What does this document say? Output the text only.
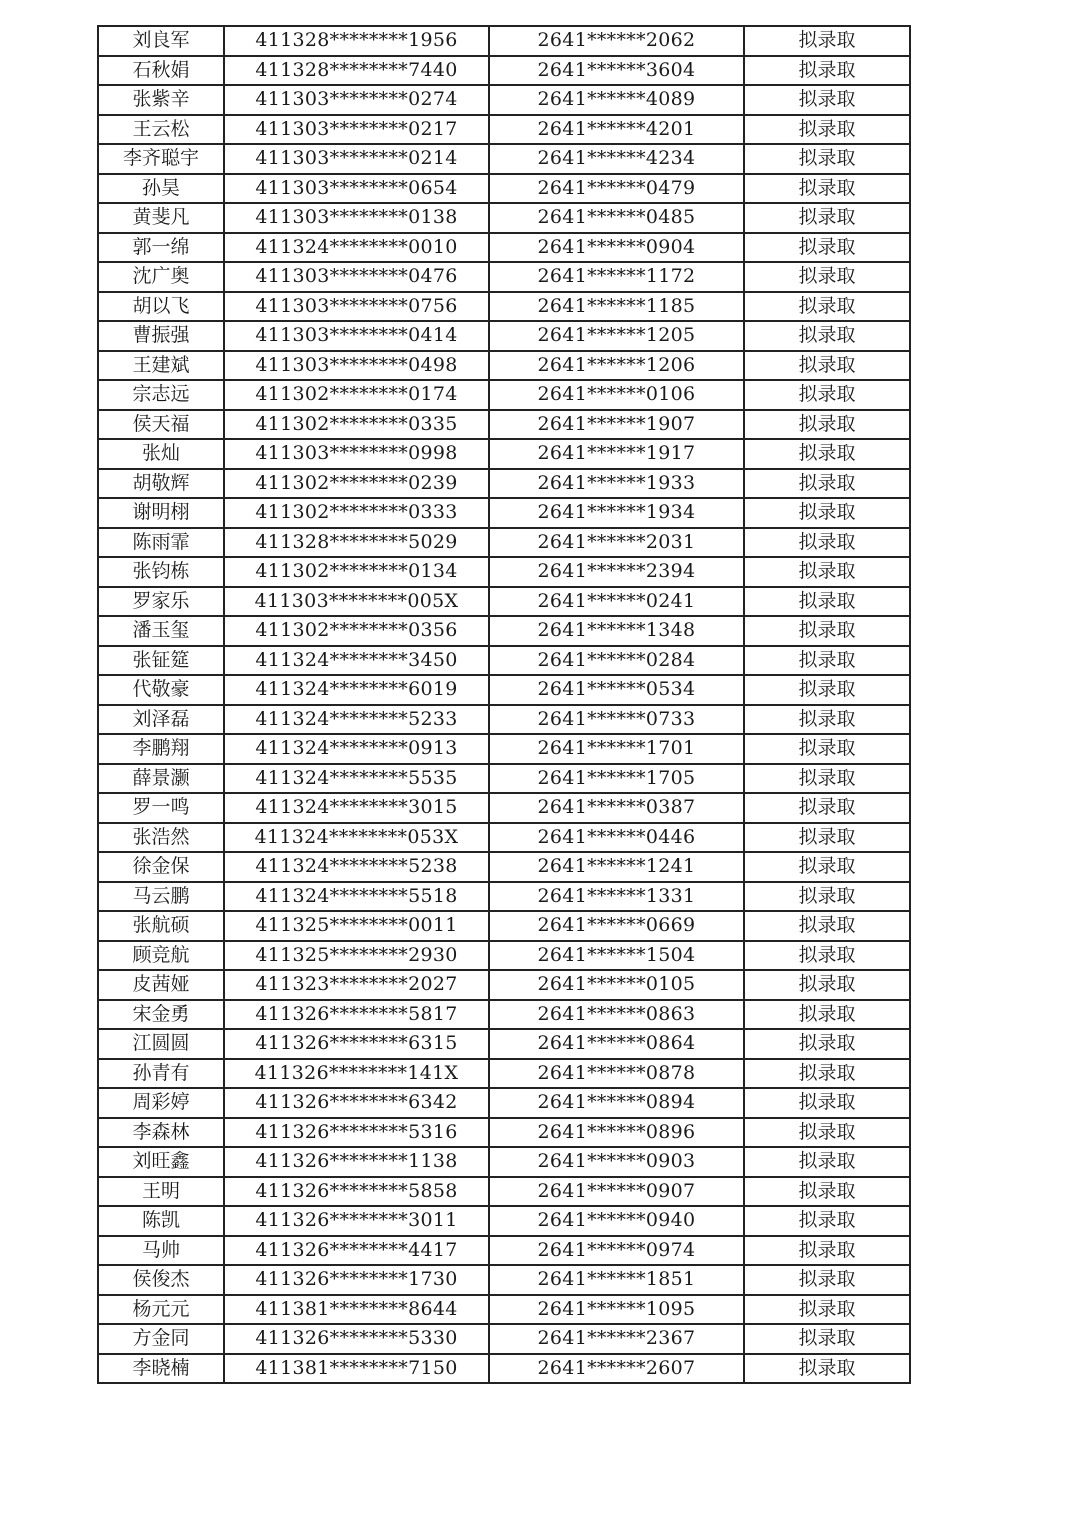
刘良军	411328********1956	2641******2062	拟录取
石秋娟	411328********7440	2641******3604	拟录取
张紫辛	411303********0274	2641******4089	拟录取
王云松	411303********0217	2641******4201	拟录取
李齐聪宇	411303********0214	2641******4234	拟录取
孙昊	411303********0654	2641******0479	拟录取
黄斐凡	411303********0138	2641******0485	拟录取
郭一绵	411324********0010	2641******0904	拟录取
沈广奥	411303********0476	2641******1172	拟录取
胡以飞	411303********0756	2641******1185	拟录取
曹振强	411303********0414	2641******1205	拟录取
王建斌	411303********0498	2641******1206	拟录取
宗志远	411302********0174	2641******0106	拟录取
侯天福	411302********0335	2641******1907	拟录取
张灿	411303********0998	2641******1917	拟录取
胡敬辉	411302********0239	2641******1933	拟录取
谢明栩	411302********0333	2641******1934	拟录取
陈雨霏	411328********5029	2641******2031	拟录取
张钧栋	411302********0134	2641******2394	拟录取
罗家乐	411303********005X	2641******0241	拟录取
潘玉玺	411302********0356	2641******1348	拟录取
张钲筵	411324********3450	2641******0284	拟录取
代敬豪	411324********6019	2641******0534	拟录取
刘泽磊	411324********5233	2641******0733	拟录取
李鹏翔	411324********0913	2641******1701	拟录取
薛景灏	411324********5535	2641******1705	拟录取
罗一鸣	411324********3015	2641******0387	拟录取
张浩然	411324********053X	2641******0446	拟录取
徐金保	411324********5238	2641******1241	拟录取
马云鹏	411324********5518	2641******1331	拟录取
张航硕	411325********0011	2641******0669	拟录取
顾竞航	411325********2930	2641******1504	拟录取
皮茜娅	411323********2027	2641******0105	拟录取
宋金勇	411326********5817	2641******0863	拟录取
江圆圆	411326********6315	2641******0864	拟录取
孙青有	411326********141X	2641******0878	拟录取
周彩婷	411326********6342	2641******0894	拟录取
李森林	411326********5316	2641******0896	拟录取
刘旺鑫	411326********1138	2641******0903	拟录取
王明	411326********5858	2641******0907	拟录取
陈凯	411326********3011	2641******0940	拟录取
马帅	411326********4417	2641******0974	拟录取
侯俊杰	411326********1730	2641******1851	拟录取
杨元元	411381********8644	2641******1095	拟录取
方金同	411326********5330	2641******2367	拟录取
李晓楠	411381********7150	2641******2607	拟录取
